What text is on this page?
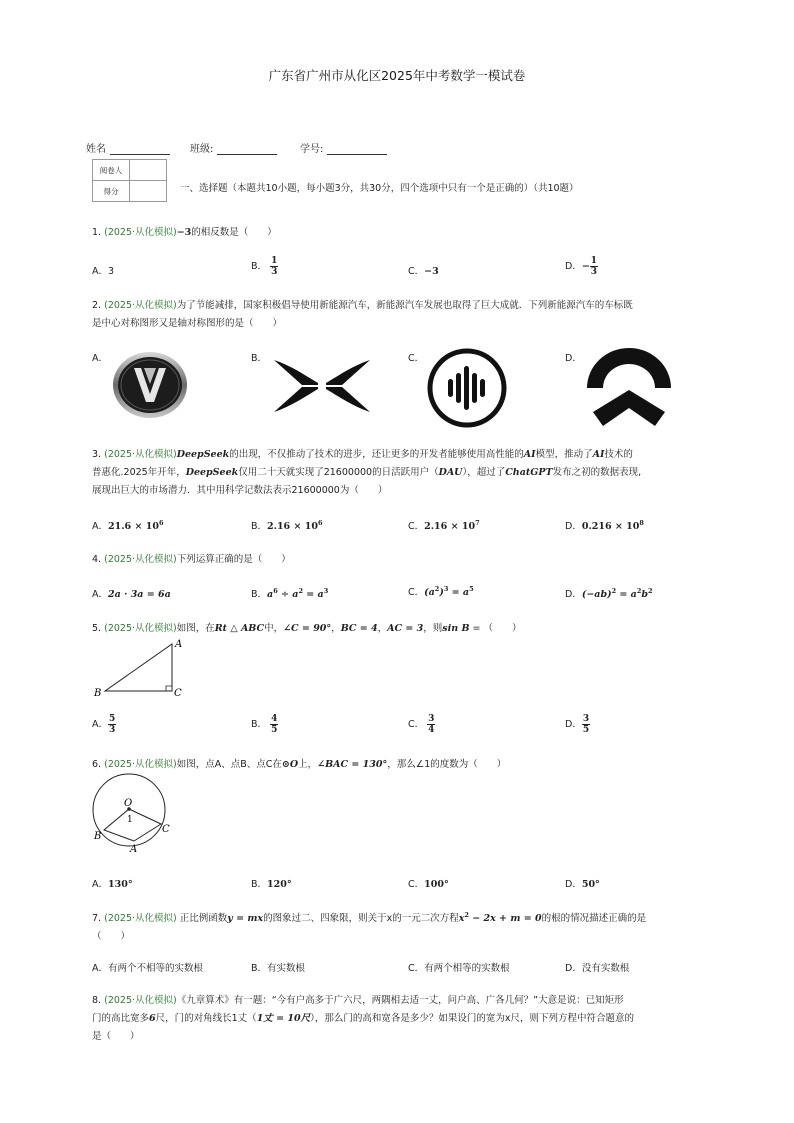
广东省广州市从化区2025年中考数学一模试卷
姓名	班级:	学号:
阅卷人	
得分		一、选择题（本题共10小题，每小题3分，共30分，四个选项中只有一个是正确的）（共10题）
1. (2025·从化模拟)−3的相反数是（　　）
A．3	B． $\frac{1}{3}$	C．−3	D．− $\frac{1}{3}$
2. (2025·从化模拟)为了节能减排，国家积极倡导使用新能源汽车，新能源汽车发展也取得了巨大成就．下列新能源汽车的车标既
是中心对称图形又是轴对称图形的是（　　）
A．	B．	C．	D．
3. (2025·从化模拟)DeepSeek的出现，不仅推动了技术的进步，还让更多的开发者能够使用高性能的AI模型，推动了AI技术的
普惠化.2025年开年，DeepSeek仅用二十天就实现了21600000的日活跃用户（DAU），超过了ChatGPT发布之初的数据表现,
展现出巨大的市场潜力．其中用科学记数法表示21600000为（　　）
A．$21.6 \times 10^6$	B．$2.16 \times 10^6$	C．$2.16 \times 10^7$	D．$0.216 \times 10^8$
4. (2025·从化模拟)下列运算正确的是（　　）
A．2a · 3a = 6a	B．$a^6 \div a^2 = a^3$	C．$(a^2)^3 = a^5$
D．$(-ab)^2 = a^2b^2$
5. (2025·从化模拟)如图，在Rt △ ABC中，∠C = 90°，BC = 4，AC = 3，则sin B = （　　）
A
B	C
A． $\frac{5}{3}$	B． $\frac{4}{5}$	C． $\frac{3}{4}$	D． $\frac{3}{5}$
6. (2025·从化模拟)如图，点A、点B、点C在⊙O上，∠BAC = 130°，那么∠1的度数为（　　）
O
1
B
C
A
A．130°	B．120°	C．100°	D．50°
7. (2025·从化模拟) 正比例函数y = mx的图象过二、四象限，则关于x的一元二次方程$x^2 - 2x + m = 0$的根的情况描述正确的是
（　　）
A．有两个不相等的实数根	B．有实数根	C．有两个相等的实数根	D．没有实数根
8. (2025·从化模拟)《九章算术》有一题：“今有户高多于广六尺，两隅相去适一丈，问户高、广各几何？”大意是说：已知矩形
门的高比宽多6尺，门的对角线长1丈（1丈 = 10尺），那么门的高和宽各是多少？如果设门的宽为x尺，则下列方程中符合题意的
是（　　）
